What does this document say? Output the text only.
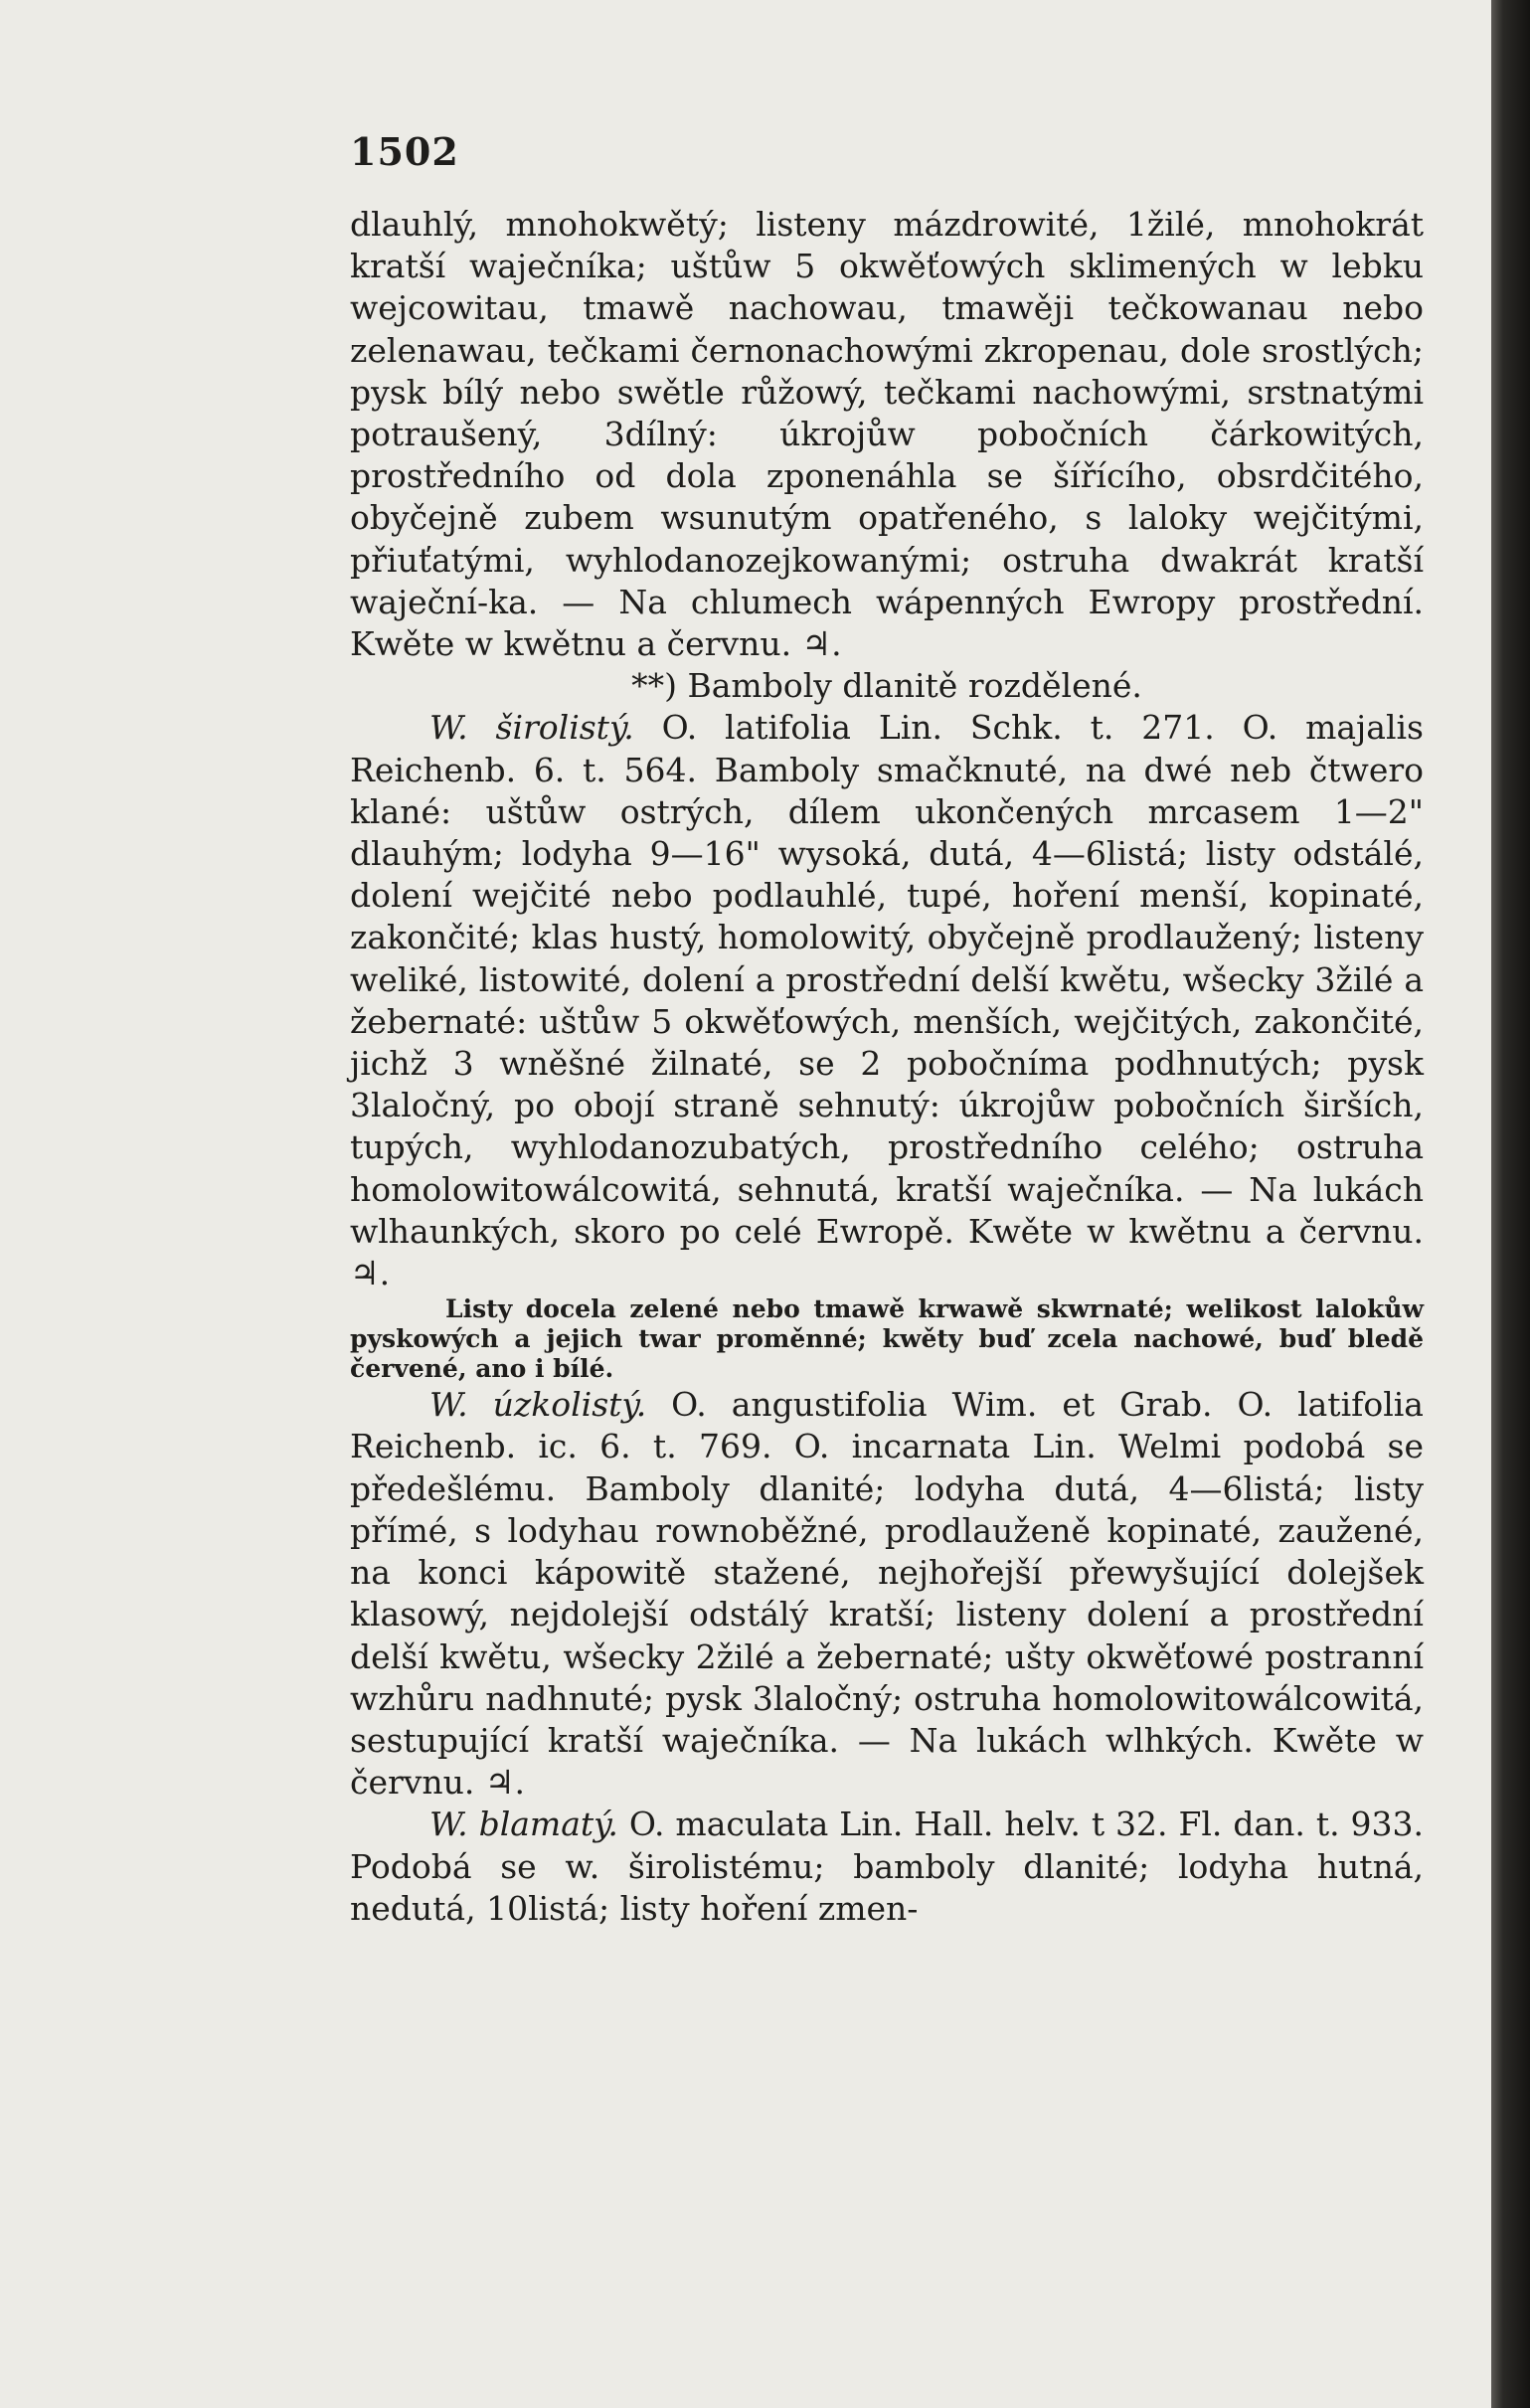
1502

dlauhlý, mnohokwětý; listeny mázdrowité, 1žilé, mnohokrát kratší waječníka; uštůw 5 okwěťowých sklimených w lebku wejcowitau, tmawě nachowau, tmawěji tečkowanau nebo zelenawau, tečkami černonachowými zkropenau, dole srostlých; pysk bílý nebo swětle růžowý, tečkami nachowými, srstnatými potraušený, 3dílný: úkrojůw pobočních čárkowitých, prostředního od dola zponenáhla se šířícího, obsrdčitého, obyčejně zubem wsunutým opatřeného, s laloky wejčitými, přiuťatými, wyhlodanozejkowanými; ostruha dwakrát kratší waječní-ka. — Na chlumech wápenných Ewropy prostřední. Kwěte w kwětnu a červnu. ♃.

**) Bamboly dlanitě rozdělené.

W. širolistý. O. latifolia Lin. Schk. t. 271. O. majalis Reichenb. 6. t. 564. Bamboly smačknuté, na dwé neb čtwero klané: uštůw ostrých, dílem ukončených mrcasem 1—2" dlauhým; lodyha 9—16" wysoká, dutá, 4—6listá; listy odstálé, dolení wejčité nebo podlauhlé, tupé, hoření menší, kopinaté, zakončité; klas hustý, homolowitý, obyčejně prodlaužený; listeny weliké, listowité, dolení a prostřední delší kwětu, wšecky 3žilé a žebernaté: uštůw 5 okwěťowých, menších, wejčitých, zakončité, jichž 3 wněšné žilnaté, se 2 pobočníma podhnutých; pysk 3laločný, po obojí straně sehnutý: úkrojůw pobočních širších, tupých, wyhlodanozubatých, prostředního celého; ostruha homolowitowálcowitá, sehnutá, kratší waječníka. — Na lukách wlhaunkých, skoro po celé Ewropě. Kwěte w kwětnu a červnu. ♃.

Listy docela zelené nebo tmawě krwawě skwrnaté; welikost lalokůw pyskowých a jejich twar proměnné; kwěty buď zcela nachowé, buď bledě červené, ano i bílé.

W. úzkolistý. O. angustifolia Wim. et Grab. O. latifolia Reichenb. ic. 6. t. 769. O. incarnata Lin. Welmi podobá se předešlému. Bamboly dlanité; lodyha dutá, 4—6listá; listy přímé, s lodyhau rownoběžné, prodlauženě kopinaté, zaužené, na konci kápowitě stažené, nejhořejší přewyšující dolejšek klasowý, nejdolejší odstálý kratší; listeny dolení a prostřední delší kwětu, wšecky 2žilé a žebernaté; ušty okwěťowé postranní wzhůru nadhnuté; pysk 3laločný; ostruha homolowitowálcowitá, sestupující kratší waječníka. — Na lukách wlhkých. Kwěte w červnu. ♃.

W. blamatý. O. maculata Lin. Hall. helv. t 32. Fl. dan. t. 933. Podobá se w. širolistému; bamboly dlanité; lodyha hutná, nedutá, 10listá; listy hoření zmen-
